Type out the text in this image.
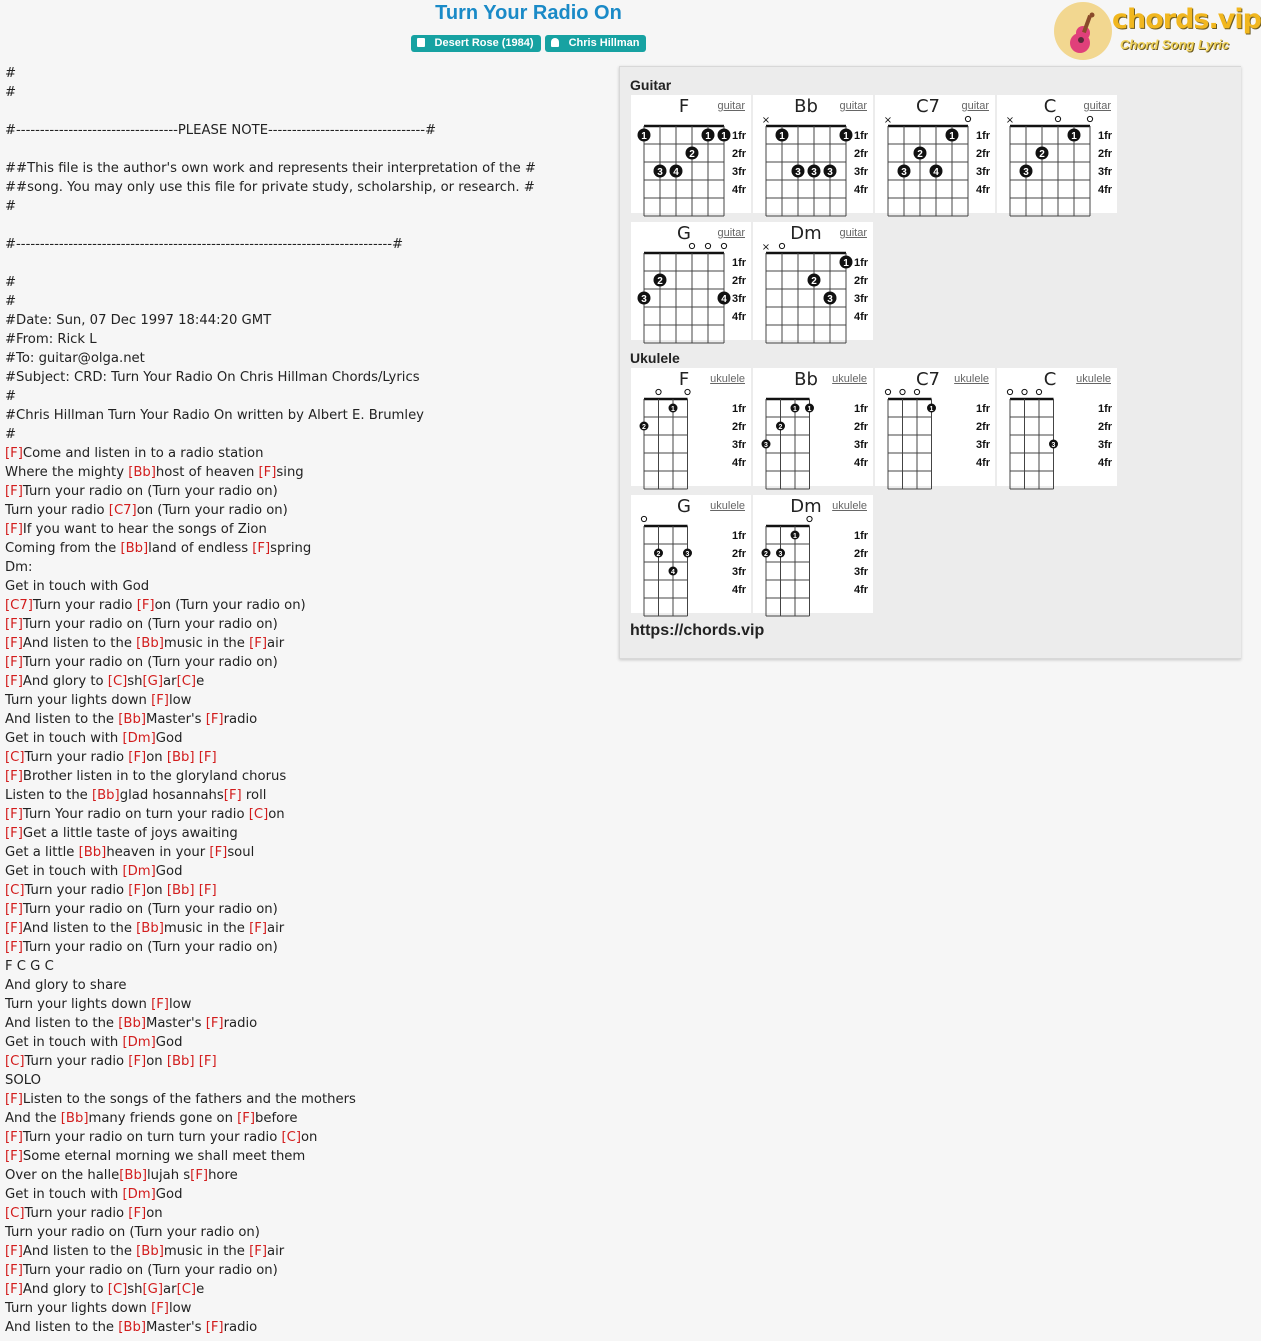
Turn Your Radio On
Desert Rose (1984)	Chris Hillman
chords.vip
Chord Song Lyric
#
#
#----------------------------------PLEASE NOTE---------------------------------#
##This file is the author's own work and represents their interpretation of the #
##song. You may only use this file for private study, scholarship, or research. #
#
#-------------------------------------------------------------------------------#
#
#
#Date: Sun, 07 Dec 1997 18:44:20 GMT
#From: Rick L
#To: guitar@olga.net
#Subject: CRD: Turn Your Radio On Chris Hillman Chords/Lyrics
#
#Chris Hillman Turn Your Radio On written by Albert E. Brumley
#
[F]Come and listen in to a radio station
Where the mighty [Bb]host of heaven [F]sing
[F]Turn your radio on (Turn your radio on)
Turn your radio [C7]on (Turn your radio on)
[F]If you want to hear the songs of Zion
Coming from the [Bb]land of endless [F]spring
Dm:
Get in touch with God
[C7]Turn your radio [F]on (Turn your radio on)
[F]Turn your radio on (Turn your radio on)
[F]And listen to the [Bb]music in the [F]air
[F]Turn your radio on (Turn your radio on)
[F]And glory to [C]sh[G]ar[C]e
Turn your lights down [F]low
And listen to the [Bb]Master's [F]radio
Get in touch with [Dm]God
[C]Turn your radio [F]on [Bb] [F]
[F]Brother listen in to the gloryland chorus
Listen to the [Bb]glad hosannahs[F] roll
[F]Turn Your radio on turn your radio [C]on
[F]Get a little taste of joys awaiting
Get a little [Bb]heaven in your [F]soul
Get in touch with [Dm]God
[C]Turn your radio [F]on [Bb] [F]
[F]Turn your radio on (Turn your radio on)
[F]And listen to the [Bb]music in the [F]air
[F]Turn your radio on (Turn your radio on)
F C G C
And glory to share
Turn your lights down [F]low
And listen to the [Bb]Master's [F]radio
Get in touch with [Dm]God
[C]Turn your radio [F]on [Bb] [F]
SOLO
[F]Listen to the songs of the fathers and the mothers
And the [Bb]many friends gone on [F]before
[F]Turn your radio on turn turn your radio [C]on
[F]Some eternal morning we shall meet them
Over on the halle[Bb]lujah s[F]hore
Get in touch with [Dm]God
[C]Turn your radio [F]on
Turn your radio on (Turn your radio on)
[F]And listen to the [Bb]music in the [F]air
[F]Turn your radio on (Turn your radio on)
[F]And glory to [C]sh[G]ar[C]e
Turn your lights down [F]low
And listen to the [Bb]Master's [F]radio
Guitar
1fr
2fr
3fr
4fr
1	1
1
2
3 4
F	guitar
1fr
2fr
3fr
4fr
×
1	1
3 3 3
Bb	guitar
1fr
2fr
3fr
4fr
×
1
2
3	4
C7	guitar
1fr
2fr
3fr
4fr
×
1
2
3
C	guitar
1fr
2fr
3fr
4fr
2
3	4
G	guitar
1fr
2fr
3fr
4fr
×
1
2
3
Dm	guitar
Ukulele
1fr
2fr
3fr
4fr
2
1
F	ukulele
1fr
2fr
3fr
4fr
2
3
1 1
Bb	ukulele
1fr
2fr
3fr
4fr
1
C7	ukulele
1fr
2fr
3fr
4fr
3
C	ukulele
1fr
2fr
3fr
4fr
2	3
4
G	ukulele
1fr
2fr
3fr
4fr
1
2 3
Dm ukulele
https://chords.vip
